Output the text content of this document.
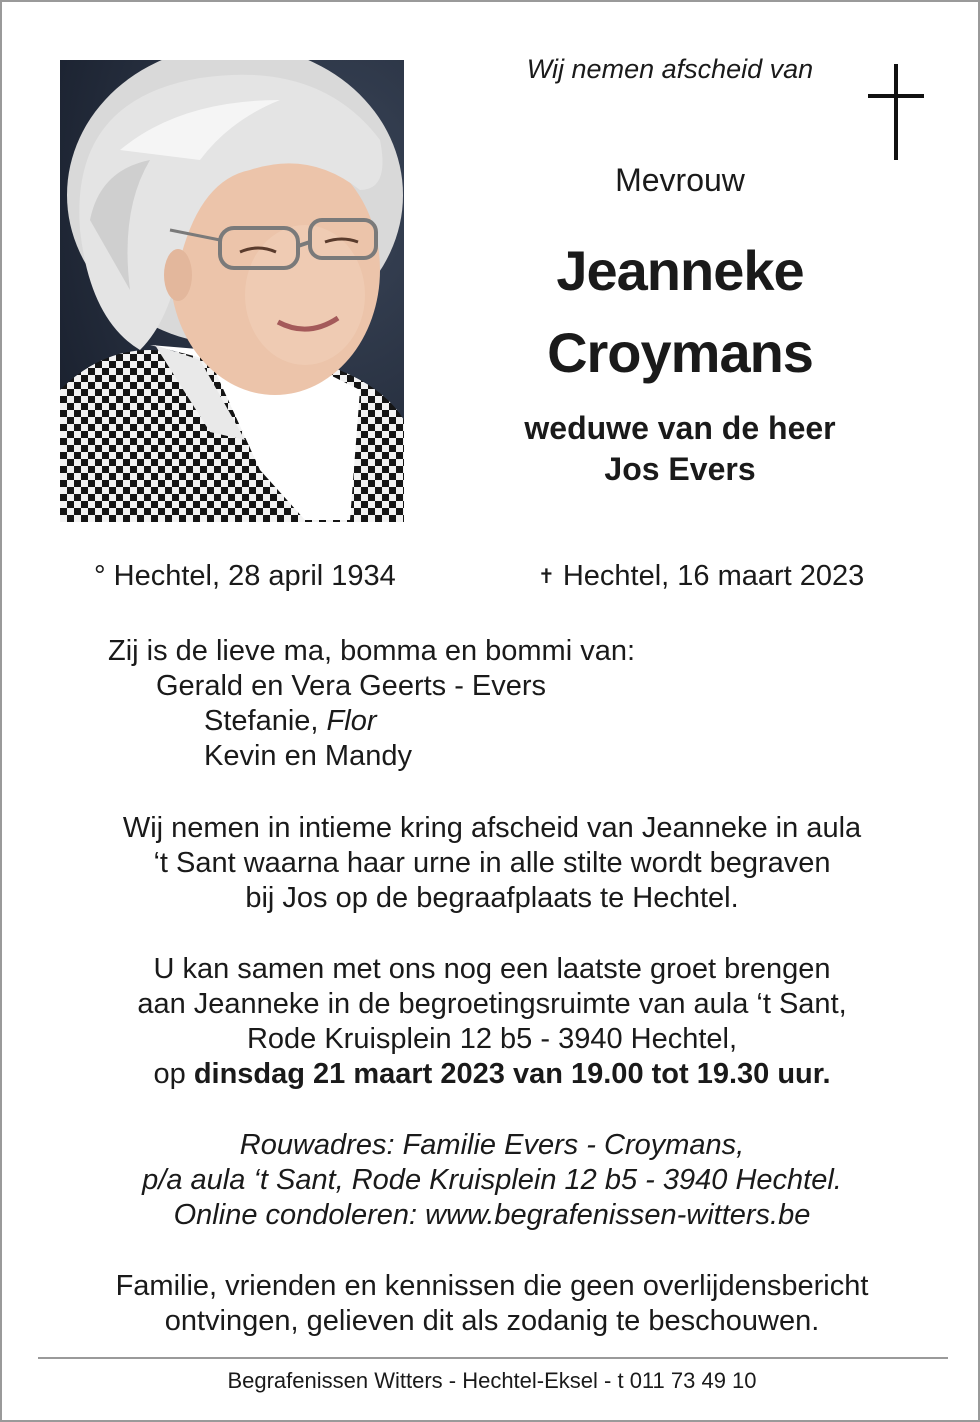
Wij nemen afscheid van
Mevrouw
Jeanneke
Croymans
weduwe van de heer
Jos Evers
° Hechtel, 28 april 1934	✝ Hechtel, 16 maart 2023
Zij is de lieve ma, bomma en bommi van:
Gerald en Vera Geerts - Evers
Stefanie, Flor
Kevin en Mandy
Wij nemen in intieme kring afscheid van Jeanneke in aula
‘t Sant waarna haar urne in alle stilte wordt begraven
bij Jos op de begraafplaats te Hechtel.
U kan samen met ons nog een laatste groet brengen
aan Jeanneke in de begroetingsruimte van aula ‘t Sant,
Rode Kruisplein 12 b5 - 3940 Hechtel,
op dinsdag 21 maart 2023 van 19.00 tot 19.30 uur.
Rouwadres: Familie Evers - Croymans,
p/a aula ‘t Sant, Rode Kruisplein 12 b5 - 3940 Hechtel.
Online condoleren: www.begrafenissen-witters.be
Familie, vrienden en kennissen die geen overlijdensbericht
ontvingen, gelieven dit als zodanig te beschouwen.
Begrafenissen Witters - Hechtel-Eksel - t 011 73 49 10
